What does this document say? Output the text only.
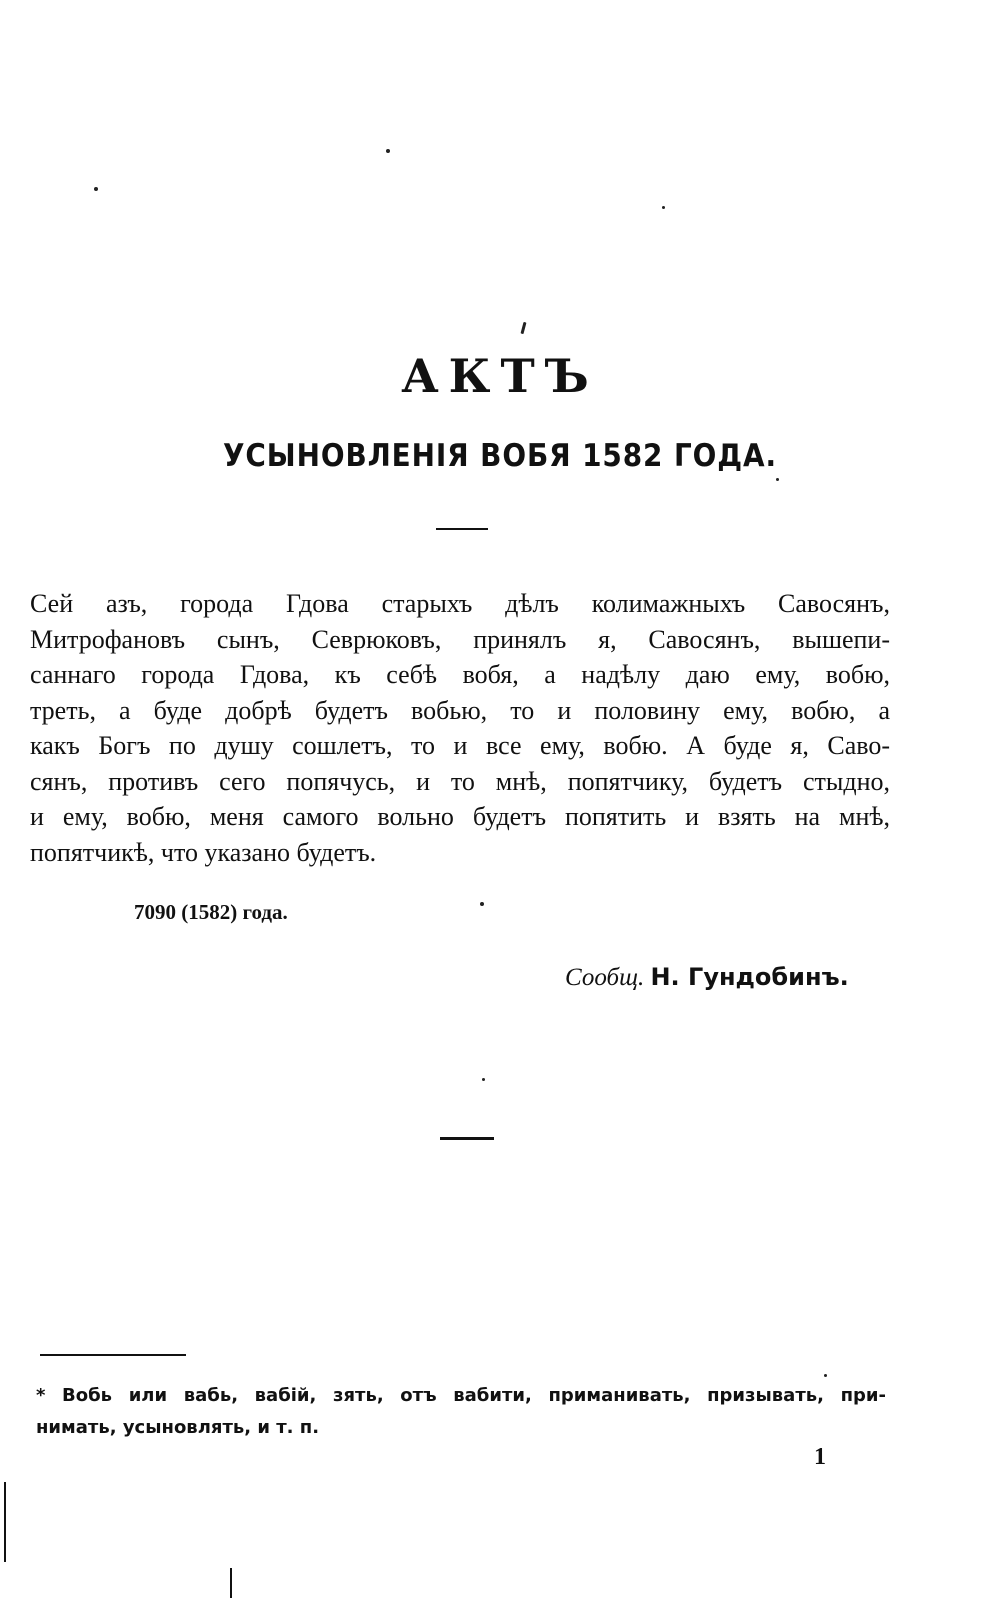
АКТЪ
УСЫНОВЛЕНІЯ ВОБЯ 1582 ГОДА.
Сей азъ, города Гдова старыхъ дѣлъ колимажныхъ Савосянъ,
Митрофановъ сынъ, Севрюковъ, принялъ я, Савосянъ, вышепи-
саннаго города Гдова, къ себѣ вобя, а надѣлу даю ему, вобю,
треть, а буде добрѣ будетъ вобью, то и половину ему, вобю, а
какъ Богъ по душу сошлетъ, то и все ему, вобю. А буде я, Саво-
сянъ, противъ сего попячусь, и то мнѣ, попятчику, будетъ стыдно,
и ему, вобю, меня самого вольно будетъ попятить и взять на мнѣ,
попятчикѣ, что указано будетъ.
7090 (1582) года.
Сообщ. Н. Гундобинъ.
* Вобь или вабь, вабій, зять, отъ вабити, приманивать, призывать, при-
нимать, усыновлять, и т. п.
1
